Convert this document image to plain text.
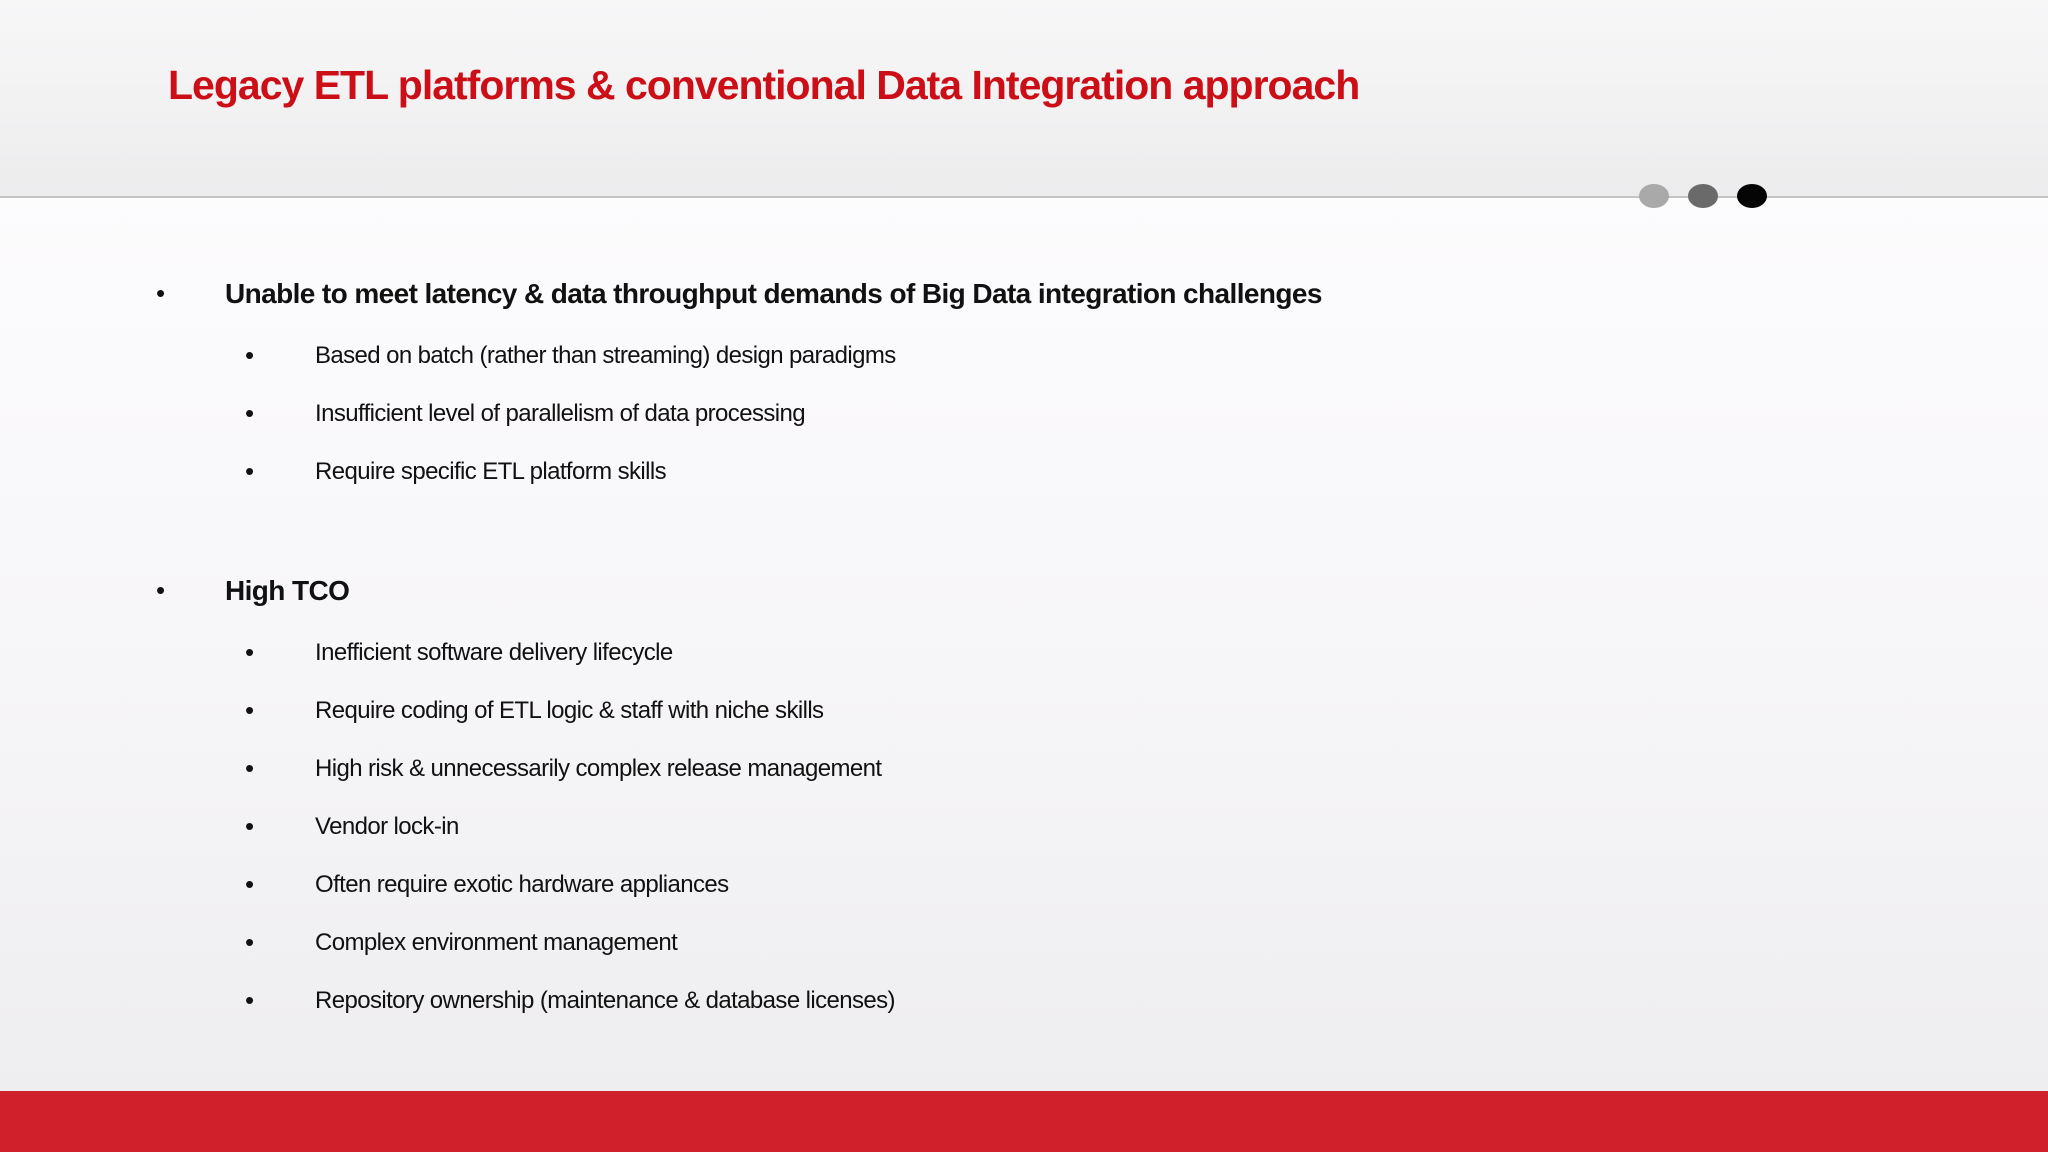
Legacy ETL platforms & conventional Data Integration approach
• Unable to meet latency & data throughput demands of Big Data integration challenges
•	Based on batch (rather than streaming) design paradigms
•	Insufficient level of parallelism of data processing
•	Require specific ETL platform skills
• High TCO
•	Inefficient software delivery lifecycle
•	Require coding of ETL logic & staff with niche skills
•	High risk & unnecessarily complex release management
•	Vendor lock-in
•	Often require exotic hardware appliances
•	Complex environment management
•	Repository ownership (maintenance & database licenses)
